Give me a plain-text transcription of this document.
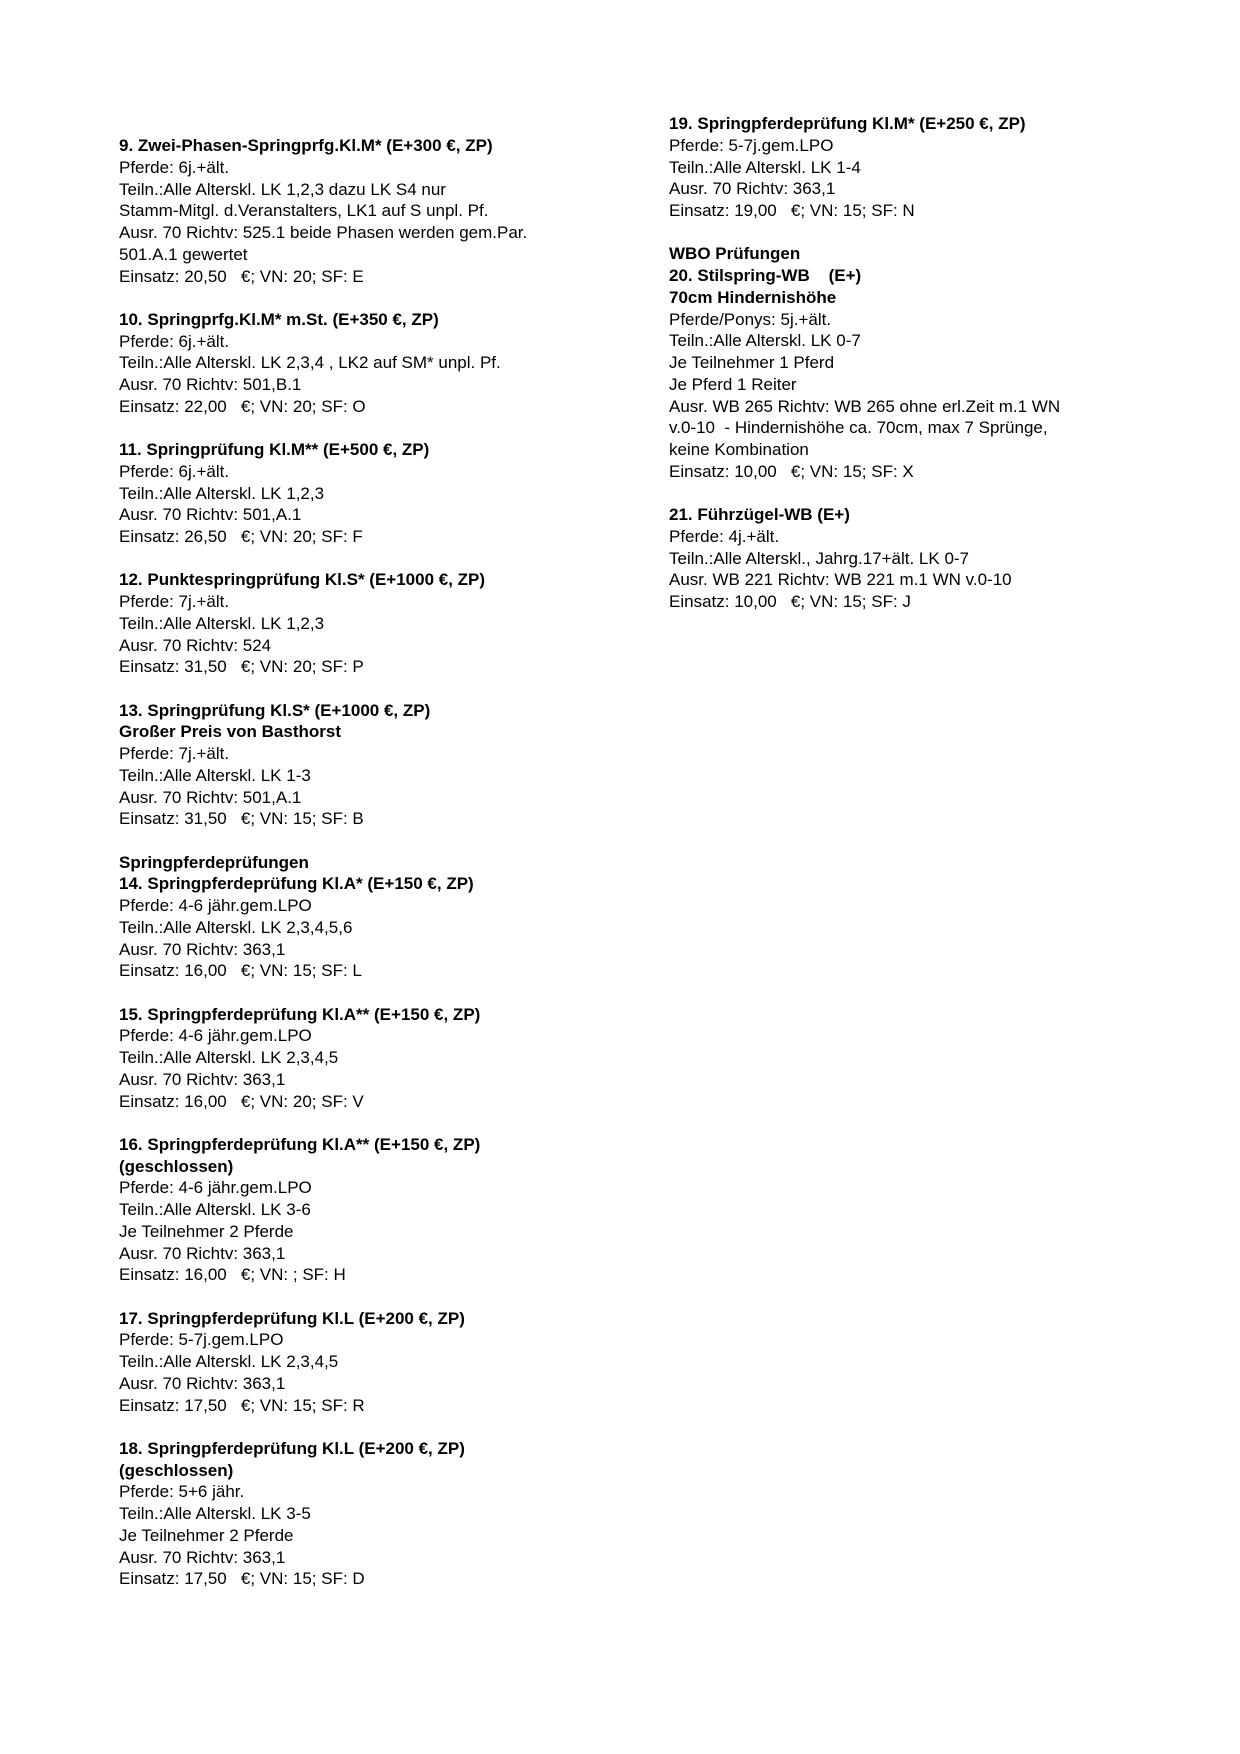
9. Zwei-Phasen-Springprfg.Kl.M* (E+300 €, ZP)
Pferde: 6j.+ält.
Teiln.:Alle Alterskl. LK 1,2,3 dazu LK S4 nur
Stamm-Mitgl. d.Veranstalters, LK1 auf S unpl. Pf.
Ausr. 70 Richtv: 525.1 beide Phasen werden gem.Par.
501.A.1 gewertet
Einsatz: 20,50   €; VN: 20; SF: E
10. Springprfg.Kl.M* m.St. (E+350 €, ZP)
Pferde: 6j.+ält.
Teiln.:Alle Alterskl. LK 2,3,4 , LK2 auf SM* unpl. Pf.
Ausr. 70 Richtv: 501,B.1
Einsatz: 22,00   €; VN: 20; SF: O
11. Springprüfung Kl.M** (E+500 €, ZP)
Pferde: 6j.+ält.
Teiln.:Alle Alterskl. LK 1,2,3
Ausr. 70 Richtv: 501,A.1
Einsatz: 26,50   €; VN: 20; SF: F
12. Punktespringprüfung Kl.S* (E+1000 €, ZP)
Pferde: 7j.+ält.
Teiln.:Alle Alterskl. LK 1,2,3
Ausr. 70 Richtv: 524
Einsatz: 31,50   €; VN: 20; SF: P
13. Springprüfung Kl.S* (E+1000 €, ZP)
Großer Preis von Basthorst
Pferde: 7j.+ält.
Teiln.:Alle Alterskl. LK 1-3
Ausr. 70 Richtv: 501,A.1
Einsatz: 31,50   €; VN: 15; SF: B
Springpferdeprüfungen
14. Springpferdeprüfung Kl.A* (E+150 €, ZP)
Pferde: 4-6 jähr.gem.LPO
Teiln.:Alle Alterskl. LK 2,3,4,5,6
Ausr. 70 Richtv: 363,1
Einsatz: 16,00   €; VN: 15; SF: L
15. Springpferdeprüfung Kl.A** (E+150 €, ZP)
Pferde: 4-6 jähr.gem.LPO
Teiln.:Alle Alterskl. LK 2,3,4,5
Ausr. 70 Richtv: 363,1
Einsatz: 16,00   €; VN: 20; SF: V
16. Springpferdeprüfung Kl.A** (E+150 €, ZP)
(geschlossen)
Pferde: 4-6 jähr.gem.LPO
Teiln.:Alle Alterskl. LK 3-6
Je Teilnehmer 2 Pferde
Ausr. 70 Richtv: 363,1
Einsatz: 16,00   €; VN: ; SF: H
17. Springpferdeprüfung Kl.L (E+200 €, ZP)
Pferde: 5-7j.gem.LPO
Teiln.:Alle Alterskl. LK 2,3,4,5
Ausr. 70 Richtv: 363,1
Einsatz: 17,50   €; VN: 15; SF: R
18. Springpferdeprüfung Kl.L (E+200 €, ZP)
(geschlossen)
Pferde: 5+6 jähr.
Teiln.:Alle Alterskl. LK 3-5
Je Teilnehmer 2 Pferde
Ausr. 70 Richtv: 363,1
Einsatz: 17,50   €; VN: 15; SF: D
19. Springpferdeprüfung Kl.M* (E+250 €, ZP)
Pferde: 5-7j.gem.LPO
Teiln.:Alle Alterskl. LK 1-4
Ausr. 70 Richtv: 363,1
Einsatz: 19,00   €; VN: 15; SF: N
WBO Prüfungen
20. Stilspring-WB    (E+)
70cm Hindernishöhe
Pferde/Ponys: 5j.+ält.
Teiln.:Alle Alterskl. LK 0-7
Je Teilnehmer 1 Pferd
Je Pferd 1 Reiter
Ausr. WB 265 Richtv: WB 265 ohne erl.Zeit m.1 WN
v.0-10  - Hindernishöhe ca. 70cm, max 7 Sprünge,
keine Kombination
Einsatz: 10,00   €; VN: 15; SF: X
21. Führzügel-WB (E+)
Pferde: 4j.+ält.
Teiln.:Alle Alterskl., Jahrg.17+ält. LK 0-7
Ausr. WB 221 Richtv: WB 221 m.1 WN v.0-10
Einsatz: 10,00   €; VN: 15; SF: J
